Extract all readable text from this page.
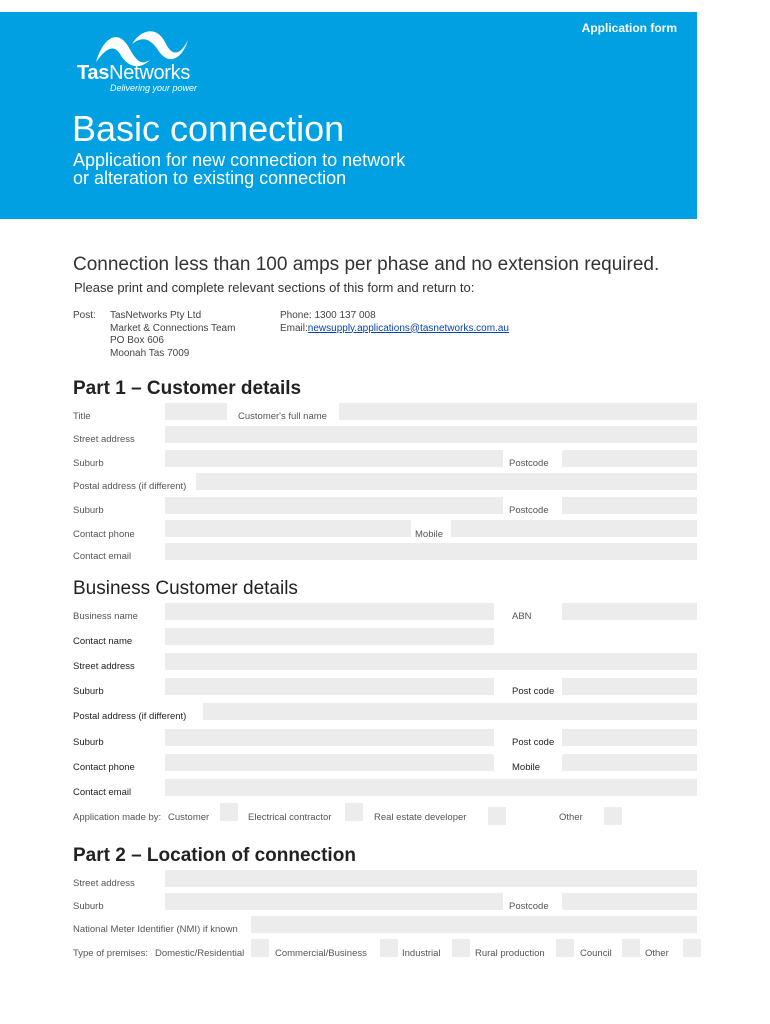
Application form
TasNetworks
Delivering your power
Basic connection
Application for new connection to network
or alteration to existing connection
Connection less than 100 amps per phase and no extension required.
Please print and complete relevant sections of this form and return to:
Post: TasNetworks Pty Ltd
Market & Connections Team
PO Box 606
Moonah Tas 7009
Phone: 1300 137 008
Email:newsupply.applications@tasnetworks.com.au
Part 1 – Customer details
Title	Customer's full name
Street address
Suburb	Postcode
Postal address (if different)
Suburb	Postcode
Contact phone	Mobile
Contact email
Business Customer details
Business name	ABN
Contact name
Street address
Suburb	Post code
Postal address (if different)
Suburb	Post code
Contact phone	Mobile
Contact email
Application made by: Customer	Electrical contractor	Real estate developer	Other
Part 2 – Location of connection
Street address
Suburb	Postcode
National Meter Identifier (NMI) if known
Type of premises: Domestic/Residential	Commercial/Business	Industrial	Rural production	Council	Other
